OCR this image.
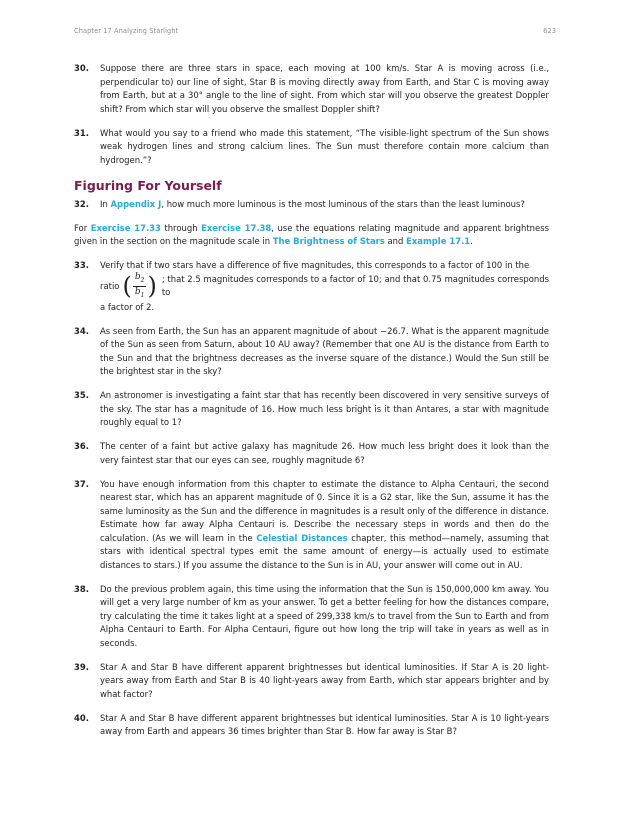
Chapter 17 Analyzing Starlight	623
30. Suppose there are three stars in space, each moving at 100 km/s. Star A is moving across (i.e., perpendicular to) our line of sight, Star B is moving directly away from Earth, and Star C is moving away from Earth, but at a 30° angle to the line of sight. From which star will you observe the greatest Doppler shift? From which star will you observe the smallest Doppler shift?
31. What would you say to a friend who made this statement, “The visible-light spectrum of the Sun shows weak hydrogen lines and strong calcium lines. The Sun must therefore contain more calcium than hydrogen.”?
Figuring For Yourself
32. In Appendix J, how much more luminous is the most luminous of the stars than the least luminous?
For Exercise 17.33 through Exercise 17.38, use the equations relating magnitude and apparent brightness given in the section on the magnitude scale in The Brightness of Stars and Example 17.1.
33. Verify that if two stars have a difference of five magnitudes, this corresponds to a factor of 100 in the
ratio ( $\frac{b_2}{b_1}$ ) ; that 2.5 magnitudes corresponds to a factor of 10; and that 0.75 magnitudes corresponds to
a factor of 2.
34. As seen from Earth, the Sun has an apparent magnitude of about −26.7. What is the apparent magnitude of the Sun as seen from Saturn, about 10 AU away? (Remember that one AU is the distance from Earth to the Sun and that the brightness decreases as the inverse square of the distance.) Would the Sun still be the brightest star in the sky?
35. An astronomer is investigating a faint star that has recently been discovered in very sensitive surveys of the sky. The star has a magnitude of 16. How much less bright is it than Antares, a star with magnitude roughly equal to 1?
36. The center of a faint but active galaxy has magnitude 26. How much less bright does it look than the very faintest star that our eyes can see, roughly magnitude 6?
37. You have enough information from this chapter to estimate the distance to Alpha Centauri, the second nearest star, which has an apparent magnitude of 0. Since it is a G2 star, like the Sun, assume it has the same luminosity as the Sun and the difference in magnitudes is a result only of the difference in distance. Estimate how far away Alpha Centauri is. Describe the necessary steps in words and then do the calculation. (As we will learn in the Celestial Distances chapter, this method—namely, assuming that stars with identical spectral types emit the same amount of energy—is actually used to estimate distances to stars.) If you assume the distance to the Sun is in AU, your answer will come out in AU.
38. Do the previous problem again, this time using the information that the Sun is 150,000,000 km away. You will get a very large number of km as your answer. To get a better feeling for how the distances compare, try calculating the time it takes light at a speed of 299,338 km/s to travel from the Sun to Earth and from Alpha Centauri to Earth. For Alpha Centauri, figure out how long the trip will take in years as well as in seconds.
39. Star A and Star B have different apparent brightnesses but identical luminosities. If Star A is 20 light-years away from Earth and Star B is 40 light-years away from Earth, which star appears brighter and by what factor?
40. Star A and Star B have different apparent brightnesses but identical luminosities. Star A is 10 light-years away from Earth and appears 36 times brighter than Star B. How far away is Star B?
